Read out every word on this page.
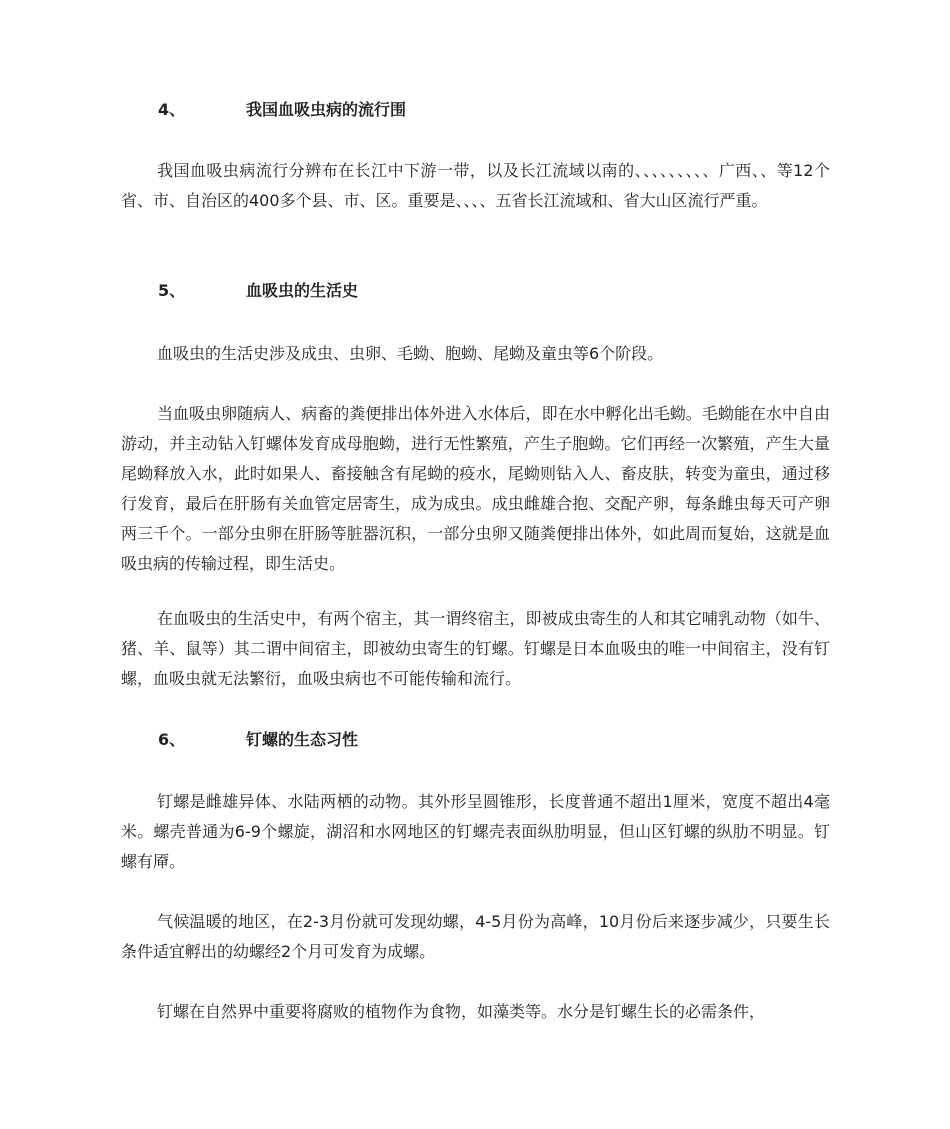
4、	我国血吸虫病的流行围

我国血吸虫病流行分辨布在长江中下游一带，以及长江流域以南的、、、、、、、、、广西、、等12个省、市、自治区的400多个县、市、区。重要是、、、、五省长江流域和、省大山区流行严重。

5、	血吸虫的生活史

血吸虫的生活史涉及成虫、虫卵、毛蚴、胞蚴、尾蚴及童虫等6个阶段。

当血吸虫卵随病人、病畜的粪便排出体外进入水体后，即在水中孵化出毛蚴。毛蚴能在水中自由游动，并主动钻入钉螺体发育成母胞蚴，进行无性繁殖，产生子胞蚴。它们再经一次繁殖，产生大量尾蚴释放入水，此时如果人、畜接触含有尾蚴的疫水，尾蚴则钻入人、畜皮肤，转变为童虫，通过移行发育，最后在肝肠有关血管定居寄生，成为成虫。成虫雌雄合抱、交配产卵，每条雌虫每天可产卵两三千个。一部分虫卵在肝肠等脏器沉积，一部分虫卵又随粪便排出体外，如此周而复始，这就是血吸虫病的传输过程，即生活史。

在血吸虫的生活史中，有两个宿主，其一谓终宿主，即被成虫寄生的人和其它哺乳动物（如牛、猪、羊、鼠等）其二谓中间宿主，即被幼虫寄生的钉螺。钉螺是日本血吸虫的唯一中间宿主，没有钉螺，血吸虫就无法繁衍，血吸虫病也不可能传输和流行。

6、	钉螺的生态习性

钉螺是雌雄异体、水陆两栖的动物。其外形呈圆锥形，长度普通不超出1厘米，宽度不超出4毫米。螺壳普通为6-9个螺旋，湖沼和水网地区的钉螺壳表面纵肋明显，但山区钉螺的纵肋不明显。钉螺有厣。

气候温暖的地区，在2-3月份就可发现幼螺，4-5月份为高峰，10月份后来逐步减少，只要生长条件适宜孵出的幼螺经2个月可发育为成螺。

钉螺在自然界中重要将腐败的植物作为食物，如藻类等。水分是钉螺生长的必需条件，
